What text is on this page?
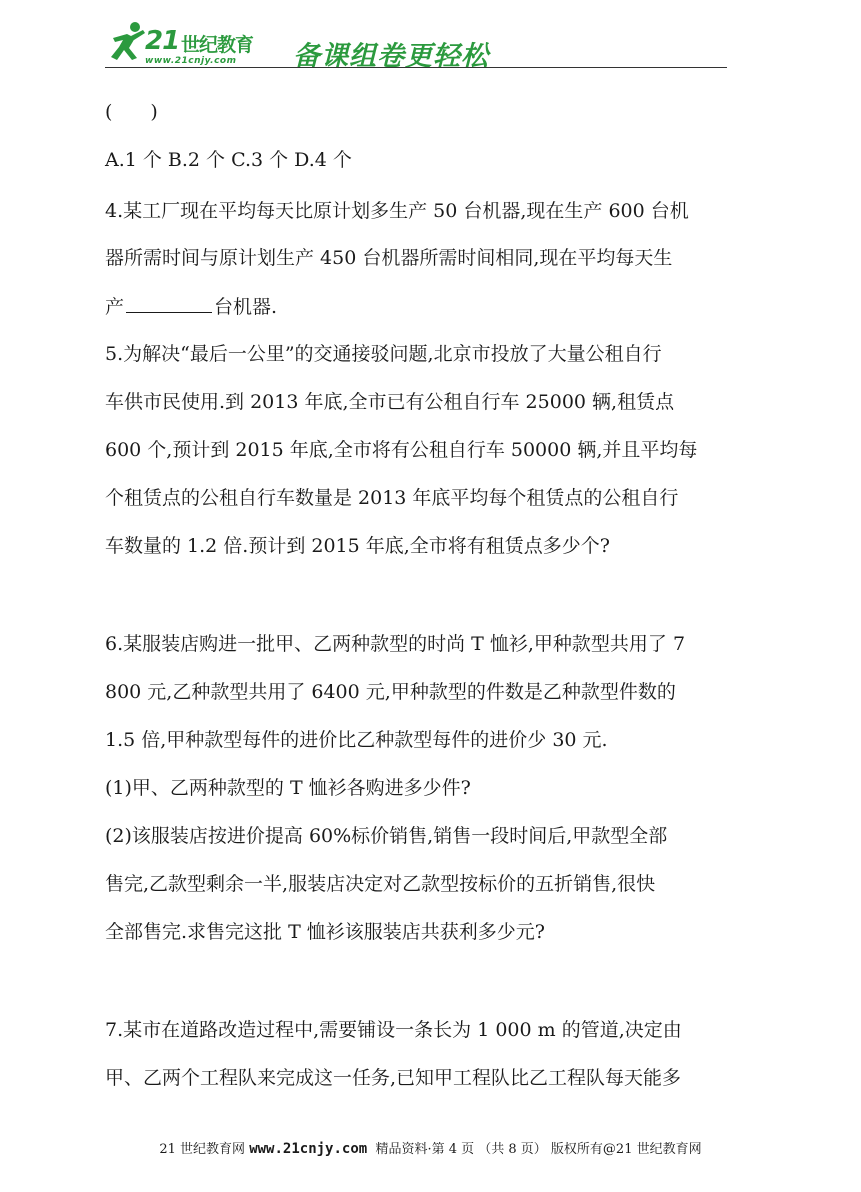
21 世纪教育
www.21cnjy.com 备课组卷更轻松
(　　)
A.1 个 B.2 个 C.3 个 D.4 个
4.某工厂现在平均每天比原计划多生产 50 台机器,现在生产 600 台机
器所需时间与原计划生产 450 台机器所需时间相同,现在平均每天生
产	台机器.
5.为解决“最后一公里”的交通接驳问题,北京市投放了大量公租自行
车供市民使用.到 2013 年底,全市已有公租自行车 25000 辆,租赁点
600 个,预计到 2015 年底,全市将有公租自行车 50000 辆,并且平均每
个租赁点的公租自行车数量是 2013 年底平均每个租赁点的公租自行
车数量的 1.2 倍.预计到 2015 年底,全市将有租赁点多少个?
6.某服装店购进一批甲、乙两种款型的时尚 T 恤衫,甲种款型共用了 7
800 元,乙种款型共用了 6400 元,甲种款型的件数是乙种款型件数的
1.5 倍,甲种款型每件的进价比乙种款型每件的进价少 30 元.
(1)甲、乙两种款型的 T 恤衫各购进多少件?
(2)该服装店按进价提高 60%标价销售,销售一段时间后,甲款型全部
售完,乙款型剩余一半,服装店决定对乙款型按标价的五折销售,很快
全部售完.求售完这批 T 恤衫该服装店共获利多少元?
7.某市在道路改造过程中,需要铺设一条长为 1 000 m 的管道,决定由
甲、乙两个工程队来完成这一任务,已知甲工程队比乙工程队每天能多
21 世纪教育网 www.21cnjy.com  精品资料·第 4 页 （共 8 页） 版权所有@21 世纪教育网
